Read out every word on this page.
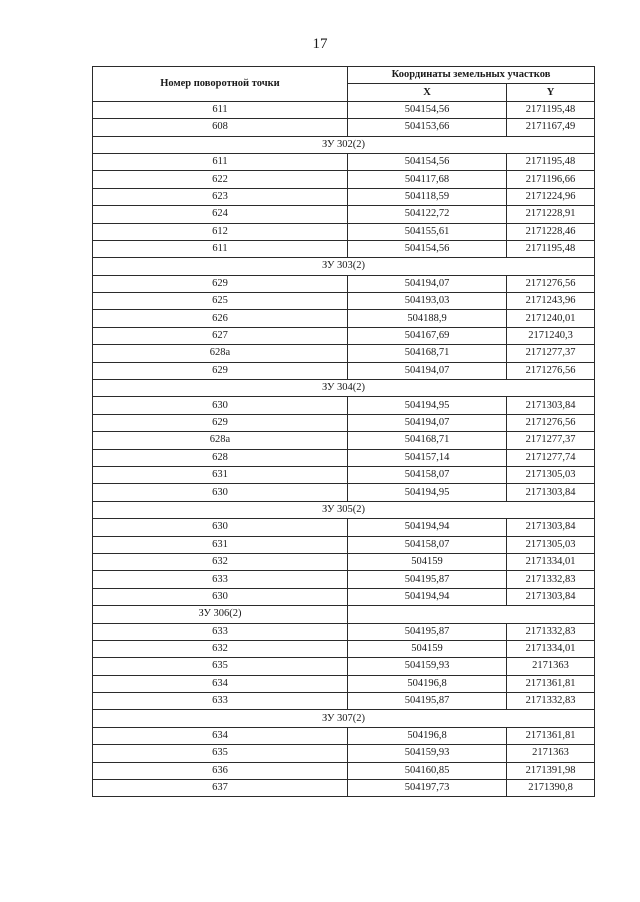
17
Номер поворотной точки	Координаты земельных участков	
	X	Y
611	504154,56	2171195,48
608	504153,66	2171167,49
ЗУ 302(2)		
611	504154,56	2171195,48
622	504117,68	2171196,66
623	504118,59	2171224,96
624	504122,72	2171228,91
612	504155,61	2171228,46
611	504154,56	2171195,48
ЗУ 303(2)		
629	504194,07	2171276,56
625	504193,03	2171243,96
626	504188,9	2171240,01
627	504167,69	2171240,3
628а	504168,71	2171277,37
629	504194,07	2171276,56
ЗУ 304(2)		
630	504194,95	2171303,84
629	504194,07	2171276,56
628а	504168,71	2171277,37
628	504157,14	2171277,74
631	504158,07	2171305,03
630	504194,95	2171303,84
ЗУ 305(2)		
630	504194,94	2171303,84
631	504158,07	2171305,03
632	504159	2171334,01
633	504195,87	2171332,83
630	504194,94	2171303,84
ЗУ 306(2)		
633	504195,87	2171332,83
632	504159	2171334,01
635	504159,93	2171363
634	504196,8	2171361,81
633	504195,87	2171332,83
ЗУ 307(2)		
634	504196,8	2171361,81
635	504159,93	2171363
636	504160,85	2171391,98
637	504197,73	2171390,8
